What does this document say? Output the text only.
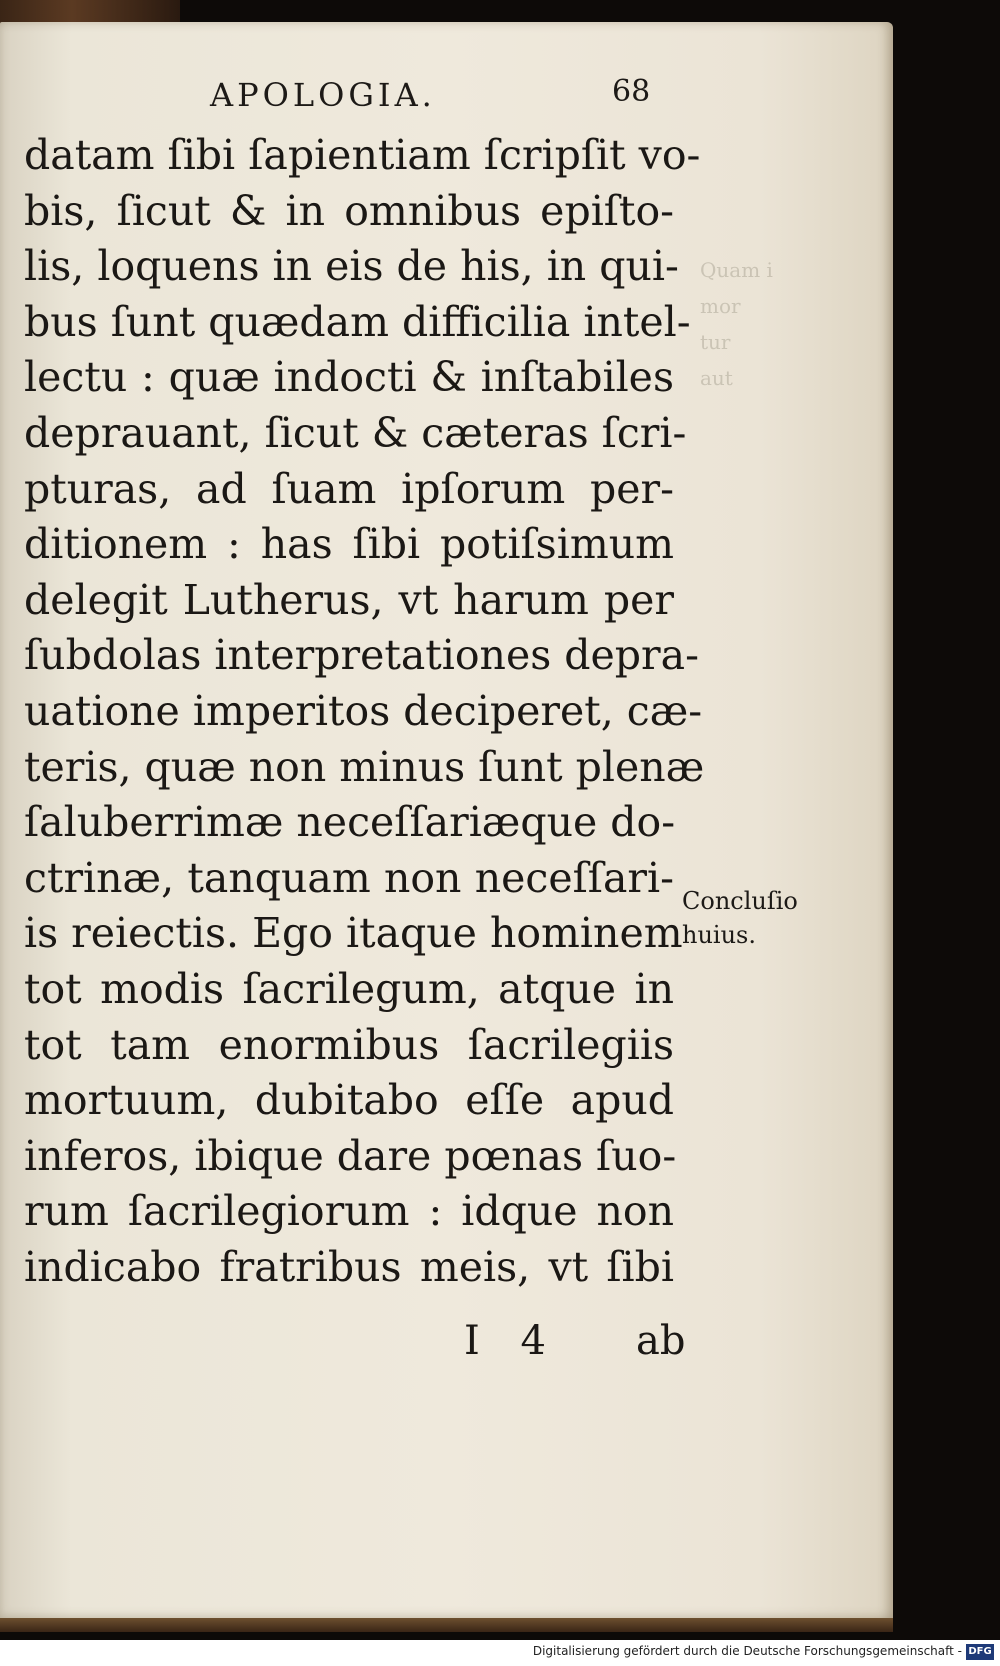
Quam i
mor
tur
aut
APOLOGIA.	68
datam ſibi ſapientiam ſcripſit vo-
bis, ſicut & in omnibus epiſto-
lis, loquens in eis de his, in qui-
bus ſunt quædam difficilia intel-
lectu : quæ indocti & inſtabiles
deprauant, ſicut & cæteras ſcri-
pturas, ad ſuam ipſorum per-
ditionem : has ſibi potiſsimum
delegit Lutherus, vt harum per
ſubdolas interpretationes depra-
uatione imperitos deciperet, cæ-
teris, quæ non minus ſunt plenæ
ſaluberrimæ neceſſariæque do-
ctrinæ, tanquam non neceſſari-
is reiectis. Ego itaque hominem
tot modis ſacrilegum, atque in
tot tam enormibus ſacrilegiis
mortuum, dubitabo eſſe apud
inferos, ibique dare pœnas ſuo-
rum ſacrilegiorum : idque non
indicabo fratribus meis, vt ſibi
Concluſio
huius.
I 4 ab
Digitalisierung gefördert durch die Deutsche Forschungsgemeinschaft - DFG
